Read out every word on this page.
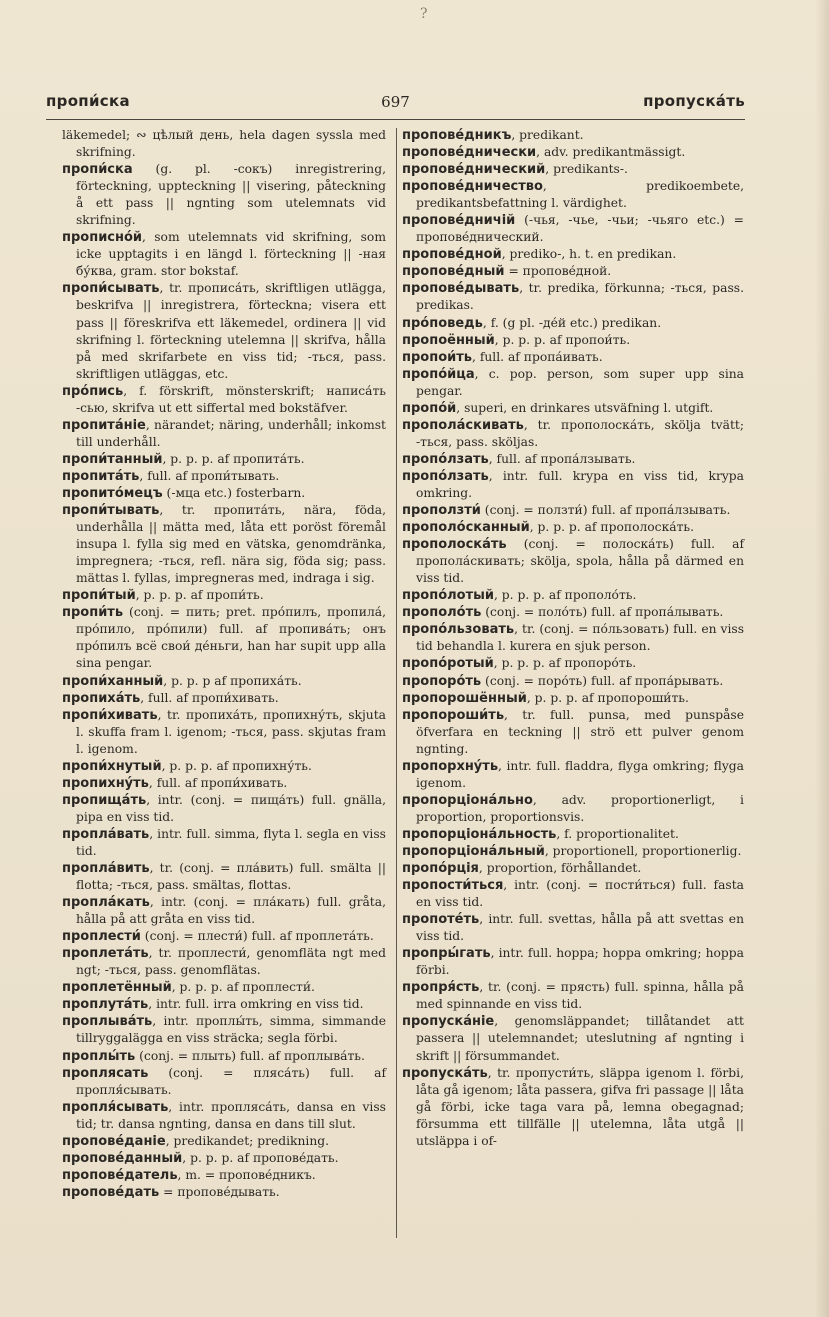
?
пропи́ска	697	пропуска́ть

läkemedel; ∾ цѣлый день, hela dagen syssla med skrifning.

пропи́ска (g. pl. -сокъ) inregistrering, förteckning, uppteckning || visering, påteckning å ett pass || ngnting som utelemnats vid skrifning.

прописно́й, som utelemnats vid skrifning, som icke upptagits i en längd l. förteckning || -ная бу́ква, gram. stor bokstaf.

пропи́сывать, tr. прописа́ть, skriftligen utlägga, beskrifva || inregistrera, förteckna; visera ett pass || föreskrifva ett läkemedel, ordinera || vid skrifning l. förteckning utelemna || skrifva, hålla på med skrifarbete en viss tid; -ться, pass. skriftligen utläggas, etc.

про́пись, f. förskrift, mönsterskrift; написа́ть -сью, skrifva ut ett siffertal med bokstäfver.

пропита́ніе, närandet; näring, underhåll; inkomst till underhåll.

пропи́танный, p. p. p. af пропита́ть.

пропита́ть, full. af пропи́тывать.

пропито́мецъ (-мца etc.) fosterbarn.

пропи́тывать, tr. пропита́ть, nära, föda, underhålla || mätta med, låta ett poröst föremål insupa l. fylla sig med en vätska, genomdränka, impregnera; -ться, refl. nära sig, föda sig; pass. mättas l. fyllas, impregneras med, indraga i sig.

пропи́тый, p. p. p. af пропи́ть.

пропи́ть (conj. = пить; pret. про́пилъ, пропила́, про́пило, про́пили) full. af пропива́ть; онъ про́пилъ всё свои́ де́ньги, han har supit upp alla sina pengar.

пропи́ханный, p. p. p af пропиха́ть.

пропиха́ть, full. af пропи́хивать.

пропи́хивать, tr. пропиха́ть, пропихну́ть, skjuta l. skuffa fram l. igenom; -ться, pass. skjutas fram l. igenom.

пропи́хнутый, p. p. p. af пропихну́ть.

пропихну́ть, full. af пропи́хивать.

пропища́ть, intr. (conj. = пища́ть) full. gnälla, pipa en viss tid.

пропла́вать, intr. full. simma, flyta l. segla en viss tid.

пропла́вить, tr. (conj. = пла́вить) full. smälta || flotta; -ться, pass. smältas, flottas.

пропла́кать, intr. (conj. = пла́кать) full. gråta, hålla på att gråta en viss tid.

проплести́ (conj. = плести́) full. af проплета́ть.

проплета́ть, tr. проплести́, genomfläta ngt med ngt; -ться, pass. genomflätas.

проплетённый, p. p. p. af проплести́.

проплута́ть, intr. full. irra omkring en viss tid.

проплыва́ть, intr. проплы́ть, simma, simmande tillryggalägga en viss sträcka; segla förbi.

проплы́ть (conj. = плыть) full. af проплыва́ть.

проплясать (conj. = пляса́ть) full. af пропля́сывать.

пропля́сывать, intr. пропляса́ть, dansa en viss tid; tr. dansa ngnting, dansa en dans till slut.

пропове́даніе, predikandet; predikning.

пропове́данный, p. p. p. af пропове́дать.

пропове́датель, m. = пропове́дникъ.

пропове́дать = пропове́дывать.

пропове́дникъ, predikant.

пропове́днически, adv. predikantmässigt.

пропове́днический, predikants-.

пропове́дничество, predikoembete, predikantsbefattning l. värdighet.

пропове́дничій (-чья, -чье, -чьи; -чьяго etc.) = пропове́днический.

пропове́дной, prediko-, h. t. en predikan.

пропове́дный = пропове́дной.

пропове́дывать, tr. predika, förkunna; -ться, pass. predikas.

про́поведь, f. (g pl. -де́й etc.) predikan.

пропоённый, p. p. p. af пропои́ть.

пропои́ть, full. af пропа́ивать.

пропо́йца, c. pop. person, som super upp sina pengar.

пропо́й, superi, en drinkares utsväfning l. utgift.

пропола́скивать, tr. прополоска́ть, skölja tvätt; -ться, pass. sköljas.

пропо́лзать, full. af пропа́лзывать.

пропо́лзать, intr. full. krypa en viss tid, krypa omkring.

проползти́ (conj. = ползти́) full. af пропа́лзывать.

прополо́сканный, p. p. p. af прополоска́ть.

прополоска́ть (conj. = полоска́ть) full. af пропола́скивать; skölja, spola, hålla på därmed en viss tid.

пропо́лотый, p. p. p. af прополо́ть.

прополо́ть (conj. = поло́ть) full. af пропа́лывать.

пропо́льзовать, tr. (conj. = по́льзовать) full. en viss tid behandla l. kurera en sjuk person.

пропо́ротый, p. p. p. af пропоро́ть.

пропоро́ть (conj. = поро́ть) full. af пропа́рывать.

пропорошённый, p. p. p. af пропороши́ть.

пропороши́ть, tr. full. punsa, med punspåse öfverfara en teckning || strö ett pulver genom ngnting.

пропорхну́ть, intr. full. fladdra, flyga omkring; flyga igenom.

пропорціона́льно, adv. proportionerligt, i proportion, proportionsvis.

пропорціона́льность, f. proportionalitet.

пропорціона́льный, proportionell, proportionerlig.

пропо́рція, proportion, förhållandet.

пропости́ться, intr. (conj. = пости́ться) full. fasta en viss tid.

пропоте́ть, intr. full. svettas, hålla på att svettas en viss tid.

пропры́гать, intr. full. hoppa; hoppa omkring; hoppa förbi.

пропря́сть, tr. (conj. = прясть) full. spinna, hålla på med spinnande en viss tid.

пропуска́ніе, genomsläppandet; tillåtandet att passera || utelemnandet; uteslutning af ngnting i skrift || försummandet.

пропуска́ть, tr. пропусти́ть, släppa igenom l. förbi, låta gå igenom; låta passera, gifva fri passage || låta gå förbi, icke taga vara på, lemna obegagnad; försumma ett tillfälle || utelemna, låta utgå || utsläppa i of-
